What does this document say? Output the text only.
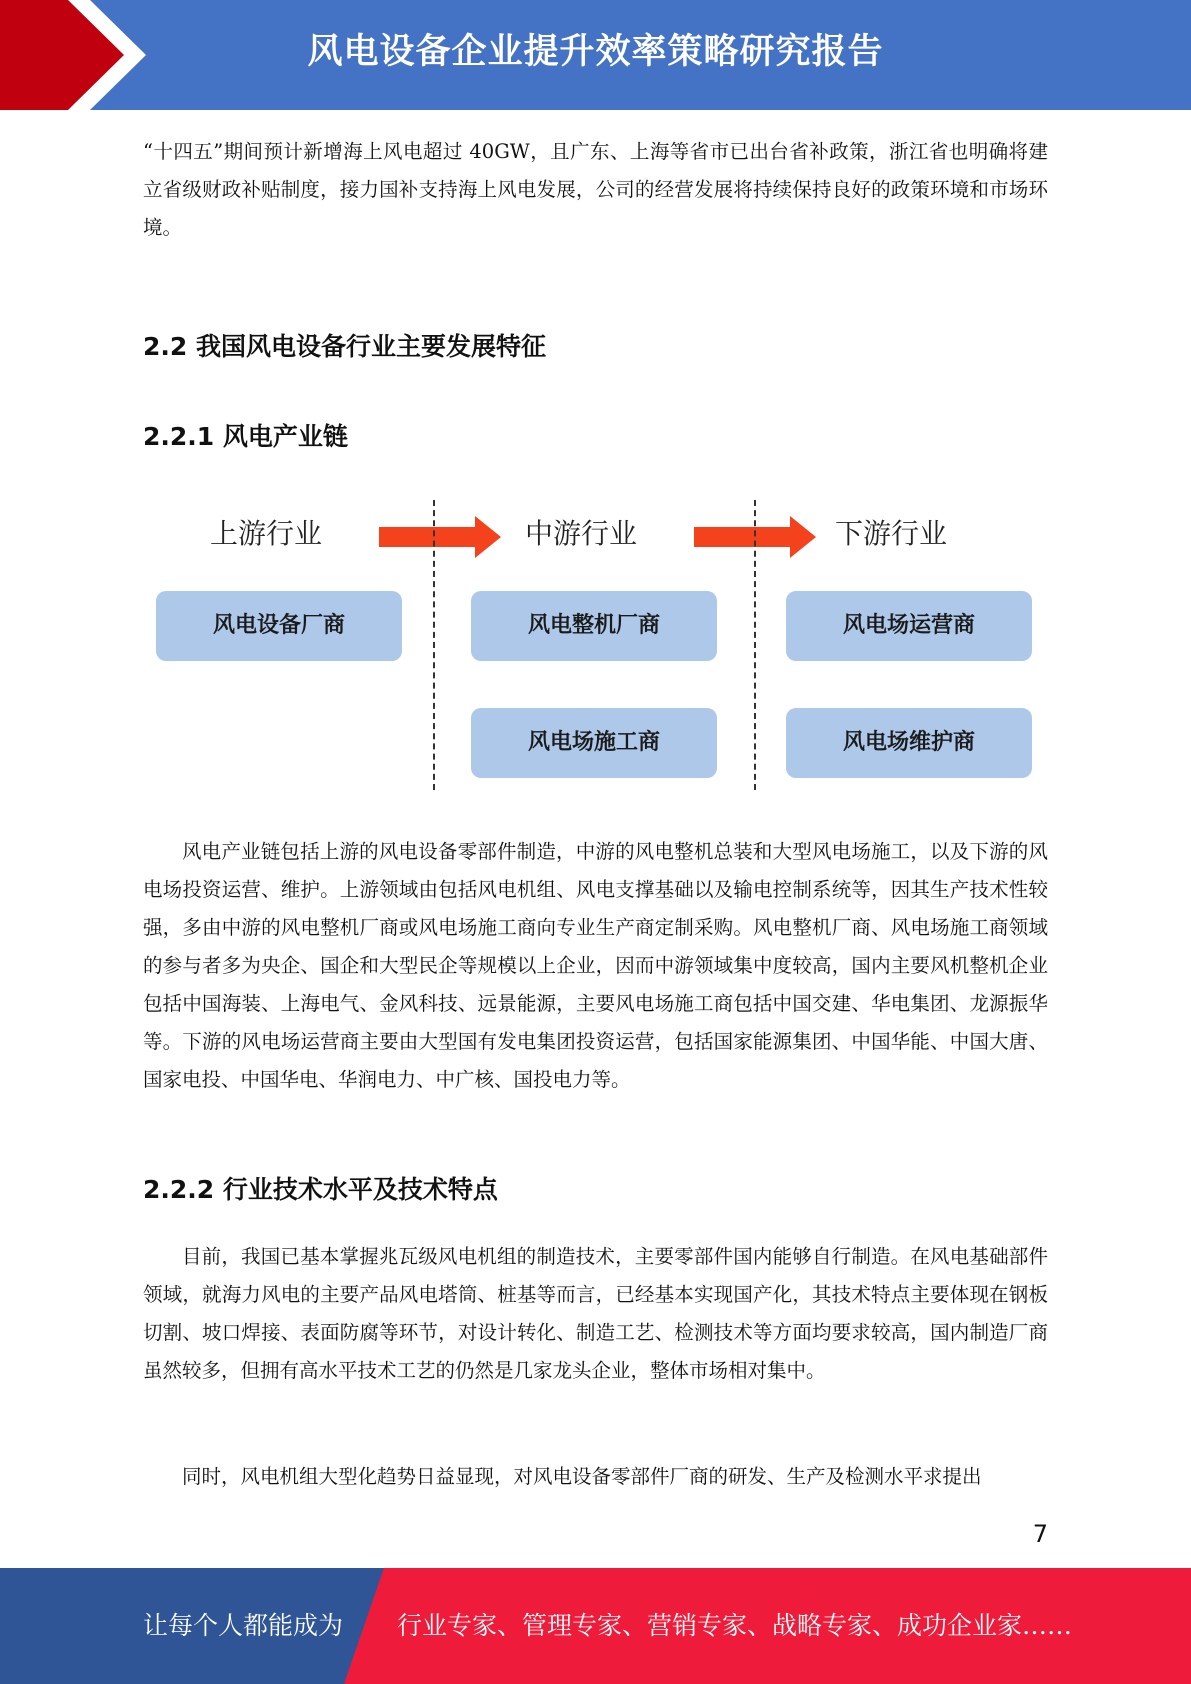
风电设备企业提升效率策略研究报告

“十四五”期间预计新增海上风电超过 40GW，且广东、上海等省市已出台省补政策，浙江省也明确将建立省级财政补贴制度，接力国补支持海上风电发展，公司的经营发展将持续保持良好的政策环境和市场环境。

2.2 我国风电设备行业主要发展特征
2.2.1 风电产业链
上游行业	中游行业	下游行业
风电设备厂商	风电整机厂商
风电场施工商
风电场运营商
风电场维护商

风电产业链包括上游的风电设备零部件制造，中游的风电整机总装和大型风电场施工，以及下游的风电场投资运营、维护。上游领域由包括风电机组、风电支撑基础以及输电控制系统等，因其生产技术性较强，多由中游的风电整机厂商或风电场施工商向专业生产商定制采购。风电整机厂商、风电场施工商领域的参与者多为央企、国企和大型民企等规模以上企业，因而中游领域集中度较高，国内主要风机整机企业包括中国海装、上海电气、金风科技、远景能源，主要风电场施工商包括中国交建、华电集团、龙源振华等。下游的风电场运营商主要由大型国有发电集团投资运营，包括国家能源集团、中国华能、中国大唐、国家电投、中国华电、华润电力、中广核、国投电力等。

2.2.2 行业技术水平及技术特点

目前，我国已基本掌握兆瓦级风电机组的制造技术，主要零部件国内能够自行制造。在风电基础部件领域，就海力风电的主要产品风电塔筒、桩基等而言，已经基本实现国产化，其技术特点主要体现在钢板切割、坡口焊接、表面防腐等环节，对设计转化、制造工艺、检测技术等方面均要求较高，国内制造厂商虽然较多，但拥有高水平技术工艺的仍然是几家龙头企业，整体市场相对集中。

同时，风电机组大型化趋势日益显现，对风电设备零部件厂商的研发、生产及检测水平求提出

7
让每个人都能成为 行业专家、管理专家、营销专家、战略专家、成功企业家……
